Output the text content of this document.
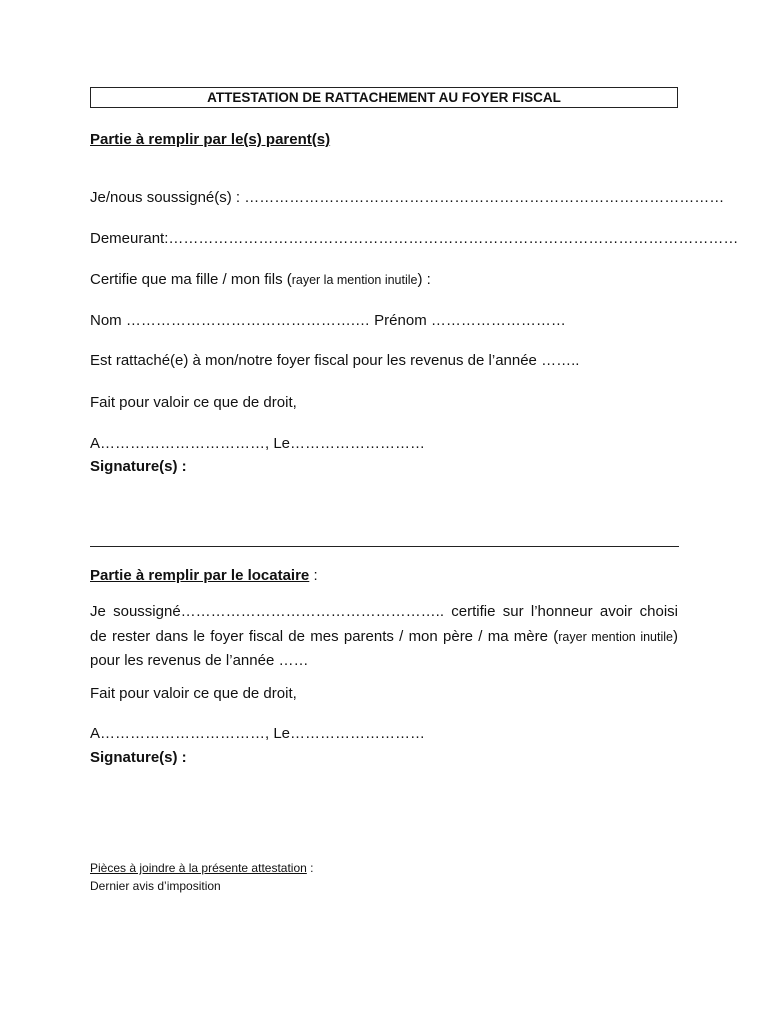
ATTESTATION DE RATTACHEMENT AU FOYER FISCAL
Partie à remplir par le(s) parent(s)
Je/nous soussigné(s) : ……………………………………………………………………………………
Demeurant:……………………………………………………………………………………………………
Certifie que ma fille / mon fils (rayer la mention inutile) :
Nom ……………………………………….… Prénom ………………………
Est rattaché(e) à mon/notre foyer fiscal pour les revenus de l’année ……..
Fait pour valoir ce que de droit,
A……………………………, Le………………………
Signature(s) :
Partie à remplir par le locataire :
Je soussigné…………………………………………….. certifie sur l’honneur avoir choisi de rester dans le foyer fiscal de mes parents / mon père / ma mère (rayer mention inutile) pour les revenus de l’année ……
Fait pour valoir ce que de droit,
A……………………………, Le………………………
Signature(s) :
Pièces à joindre à la présente attestation :
Dernier avis d’imposition
